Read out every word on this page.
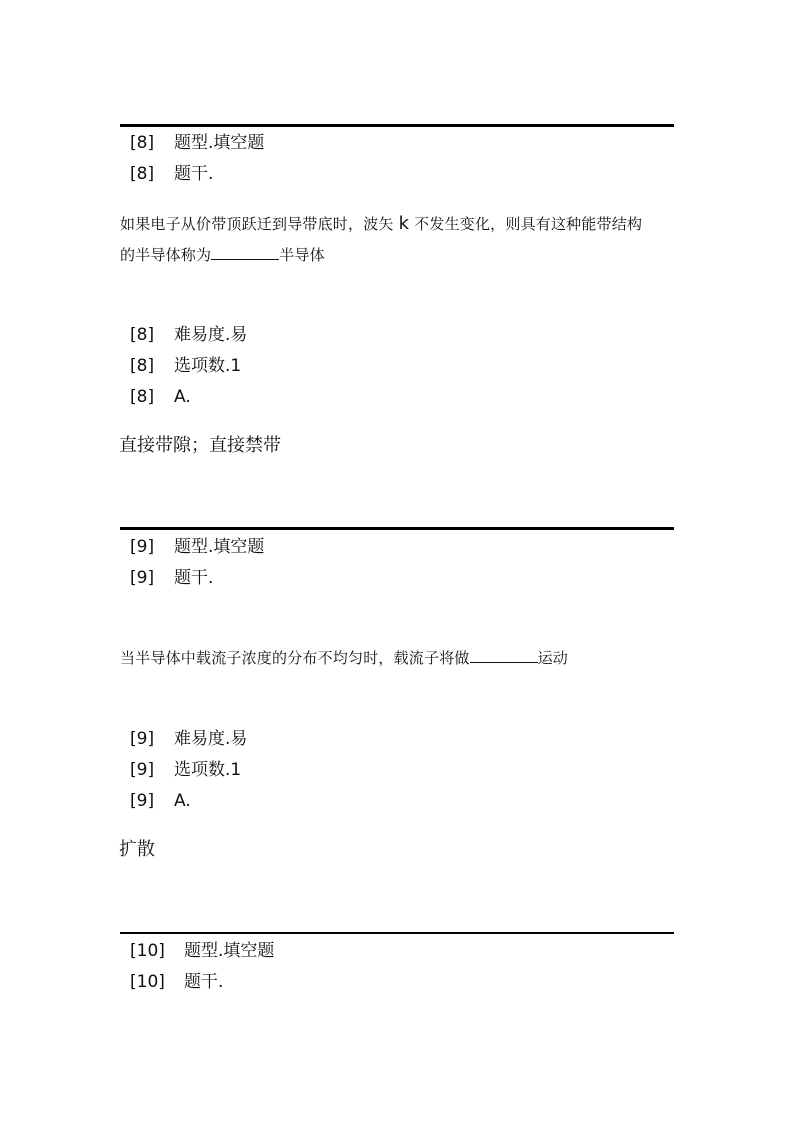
[8] 题型.填空题
[8] 题干.
如果电子从价带顶跃迁到导带底时，波矢 k 不发生变化，则具有这种能带结构
的半导体称为	半导体
[8] 难易度.易
[8] 选项数.1
[8] A.
直接带隙；直接禁带
[9] 题型.填空题
[9] 题干.
当半导体中载流子浓度的分布不均匀时，载流子将做	运动
[9] 难易度.易
[9] 选项数.1
[9] A.
扩散
[10] 题型.填空题
[10] 题干.
